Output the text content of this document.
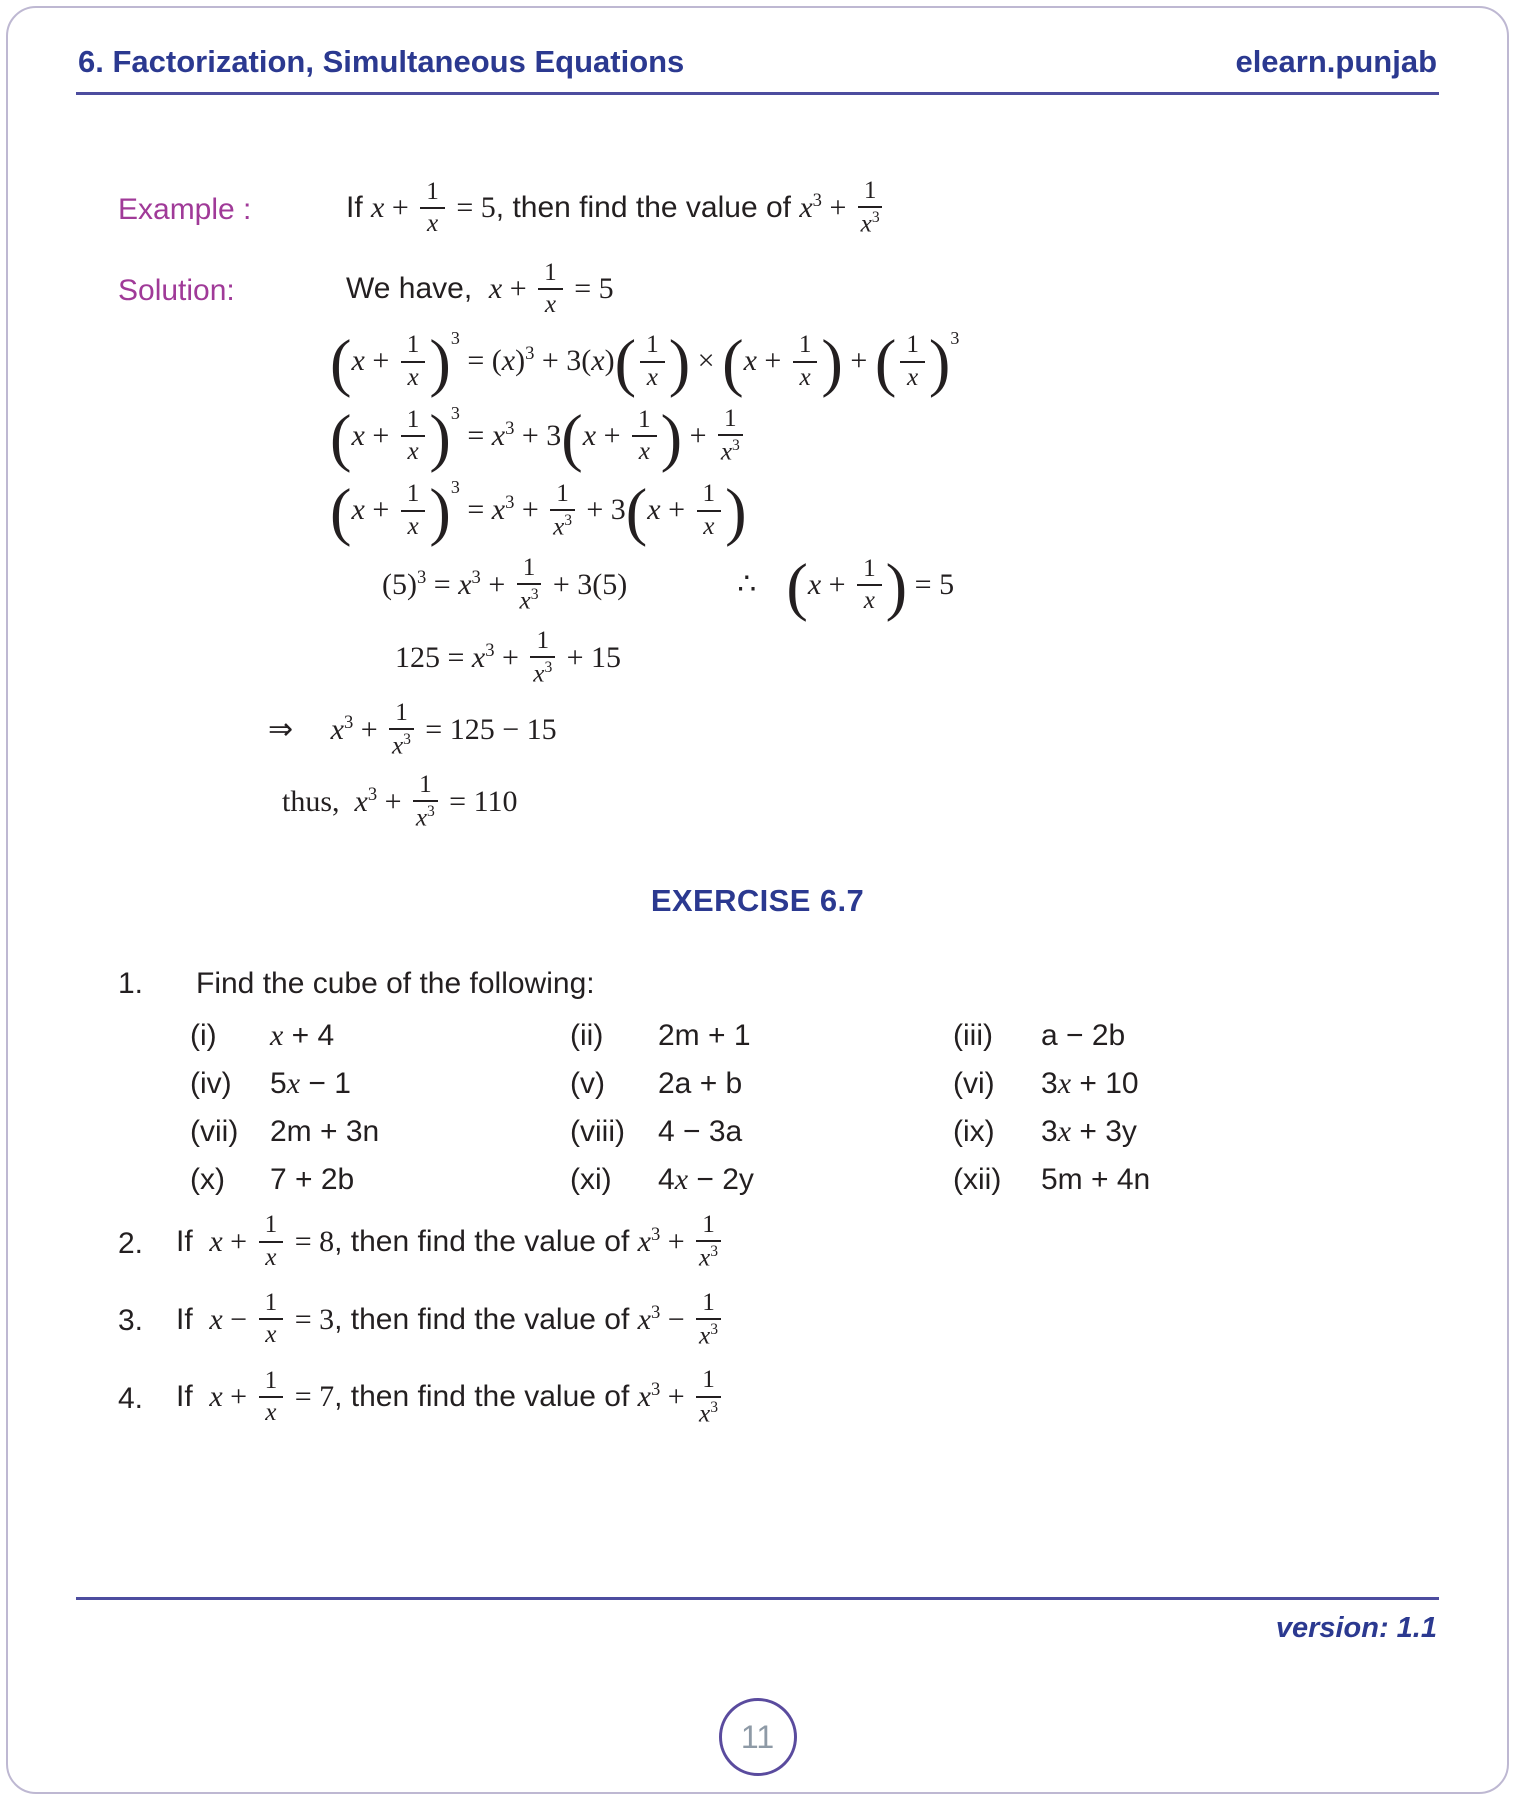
6. Factorization, Simultaneous Equations	elearn.punjab
Example :	If $x + \frac{1}{x} = 5$, then find the value of $x^3 + \frac{1}{x^3}$
Solution:	We have,  $x + \frac{1}{x} = 5$
( $x + \frac{1}{x} )^3$
= $(x)^3 + 3(x)$ ( $\frac{1}{x}$ ) × ( $x + \frac{1}{x}$ ) + ( $\frac{1}{x} )^3$
( $x + \frac{1}{x} )^3$
= $x^3 + 3$ ( $x + \frac{1}{x}$ ) + $\frac{1}{x^3}$
( $x + \frac{1}{x} )^3$
= $x^3 + \frac{1}{x^3} + 3$ ( $x + \frac{1}{x}$ )
$(5)^3 = x^3 + \frac{1}{x^3} + 3(5)$	∴ ( $x + \frac{1}{x}$ ) = 5
$125 = x^3 + \frac{1}{x^3} + 15$
⇒     $x^3 + \frac{1}{x^3} = 125 - 15$
thus,  $x^3 + \frac{1}{x^3} = 110$
EXERCISE 6.7
1.	Find the cube of the following:
(i)	x + 4	(ii)	2m + 1	(iii)	a − 2b
(iv)	5x − 1	(v)	2a + b	(vi)	3x + 10
(vii)	2m + 3n	(viii)	4 − 3a	(ix)	3x + 3y
(x)	7 + 2b	(xi)	4x − 2y	(xii)	5m + 4n
2.	If  $x + \frac{1}{x} = 8$, then find the value of $x^3 + \frac{1}{x^3}$
3.	If  $x - \frac{1}{x} = 3$, then find the value of $x^3 - \frac{1}{x^3}$
4.	If  $x + \frac{1}{x} = 7$, then find the value of $x^3 + \frac{1}{x^3}$
version: 1.1
11
